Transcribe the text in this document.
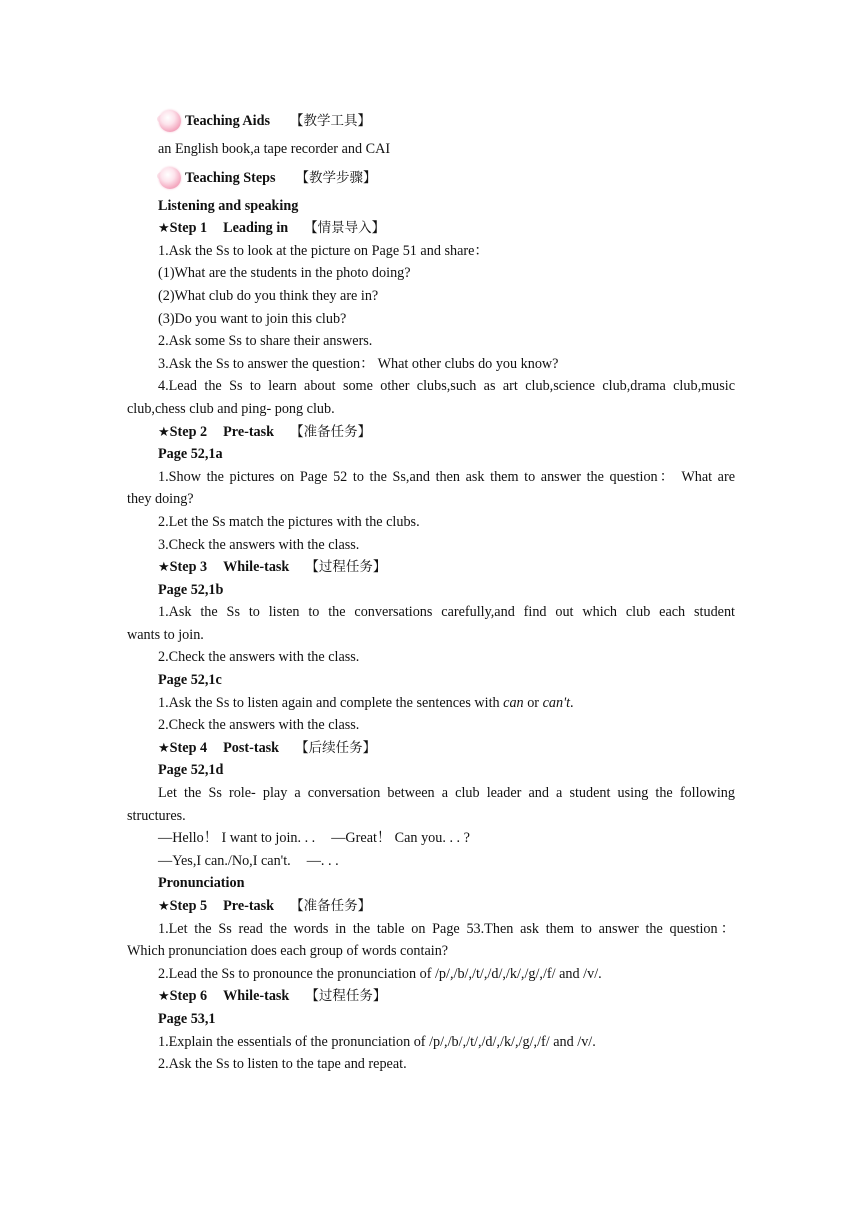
Teaching Aids 【教学工具】
an English book,a tape recorder and CAI
Teaching Steps 【教学步骤】
Listening and speaking
★Step 1 Leading in 【情景导入】
1.Ask the Ss to look at the picture on Page 51 and share：
(1)What are the students in the photo doing?
(2)What club do you think they are in?
(3)Do you want to join this club?
2.Ask some Ss to share their answers.
3.Ask the Ss to answer the question： What other clubs do you know?
4.Lead the Ss to learn about some other clubs,such as art club,science club,drama club,music
club,chess club and ping- pong club.
★Step 2 Pre-task 【准备任务】
Page 52,1a
1.Show the pictures on Page 52 to the Ss,and then ask them to answer the question： What are
they doing?
2.Let the Ss match the pictures with the clubs.
3.Check the answers with the class.
★Step 3 While-task 【过程任务】
Page 52,1b
1.Ask the Ss to listen to the conversations carefully,and find out which club each student
wants to join.
2.Check the answers with the class.
Page 52,1c
1.Ask the Ss to listen again and complete the sentences with can or can't.
2.Check the answers with the class.
★Step 4 Post-task 【后续任务】
Page 52,1d
Let the Ss role- play a conversation between a club leader and a student using the following
structures.
—Hello！ I want to join. . . —Great！ Can you. . . ?
—Yes,I can./No,I can't. —. . .
Pronunciation
★Step 5 Pre-task 【准备任务】
1.Let the Ss read the words in the table on Page 53.Then ask them to answer the question：
Which pronunciation does each group of words contain?
2.Lead the Ss to pronounce the pronunciation of /p/,/b/,/t/,/d/,/k/,/g/,/f/ and /v/.
★Step 6 While-task 【过程任务】
Page 53,1
1.Explain the essentials of the pronunciation of /p/,/b/,/t/,/d/,/k/,/g/,/f/ and /v/.
2.Ask the Ss to listen to the tape and repeat.
